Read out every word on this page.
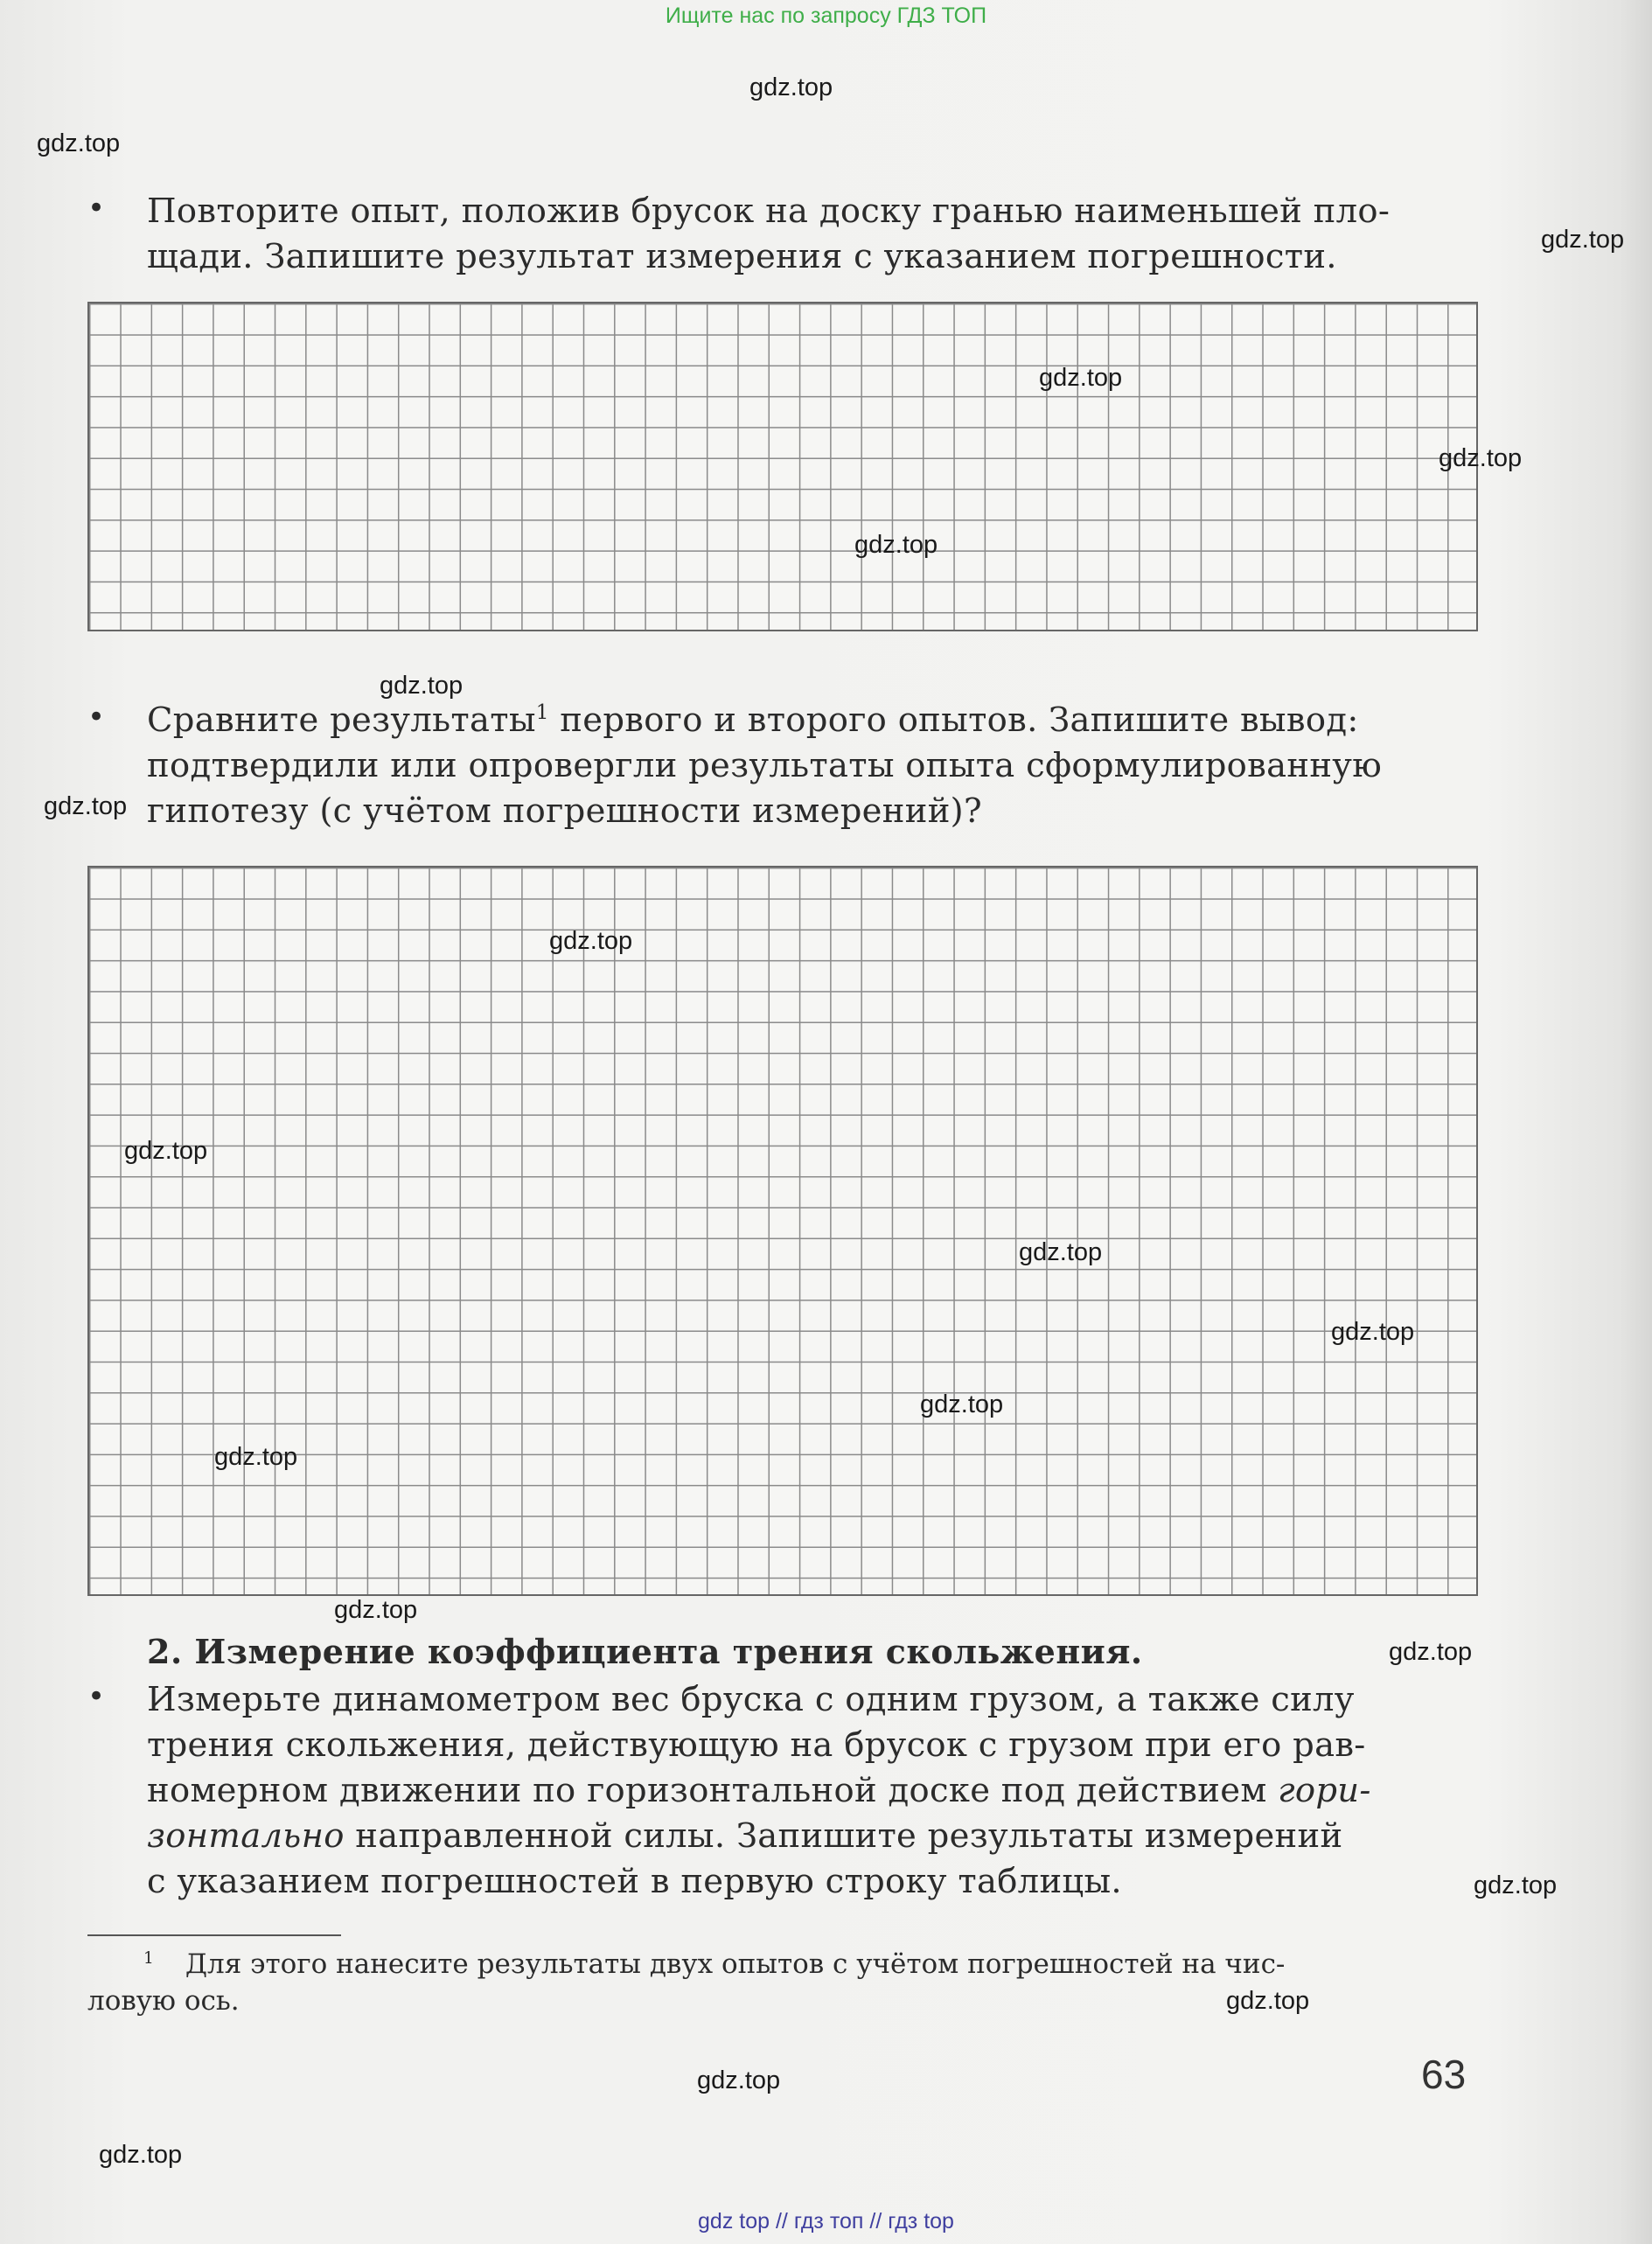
Ищите нас по запросу ГДЗ ТОП
• Повторите опыт, положив брусок на доску гранью наименьшей пло-
щади. Запишите результат измерения с указанием погрешности.
• Сравните результаты$^1$ первого и второго опытов. Запишите вывод:
подтвердили или опровергли результаты опыта сформулированную
гипотезу (с учётом погрешности измерений)?
2. Измерение коэффициента трения скольжения.
• Измерьте динамометром вес бруска с одним грузом, а также силу
трения скольжения, действующую на брусок с грузом при его рав-
номерном движении по горизонтальной доске под действием гори-
зонтально направленной силы. Запишите результаты измерений
с указанием погрешностей в первую строку таблицы.
$^1$ Для этого нанесите результаты двух опытов с учётом погрешностей на чис-
ловую ось.
63
gdz.top
gdz.top
gdz.top
gdz.top
gdz.top
gdz.top
gdz.top
gdz.top
gdz.top
gdz.top
gdz.top
gdz.top
gdz.top
gdz.top
gdz.top
gdz.top
gdz.top
gdz.top
gdz.top
gdz.top
gdz top // гдз топ // гдз top
